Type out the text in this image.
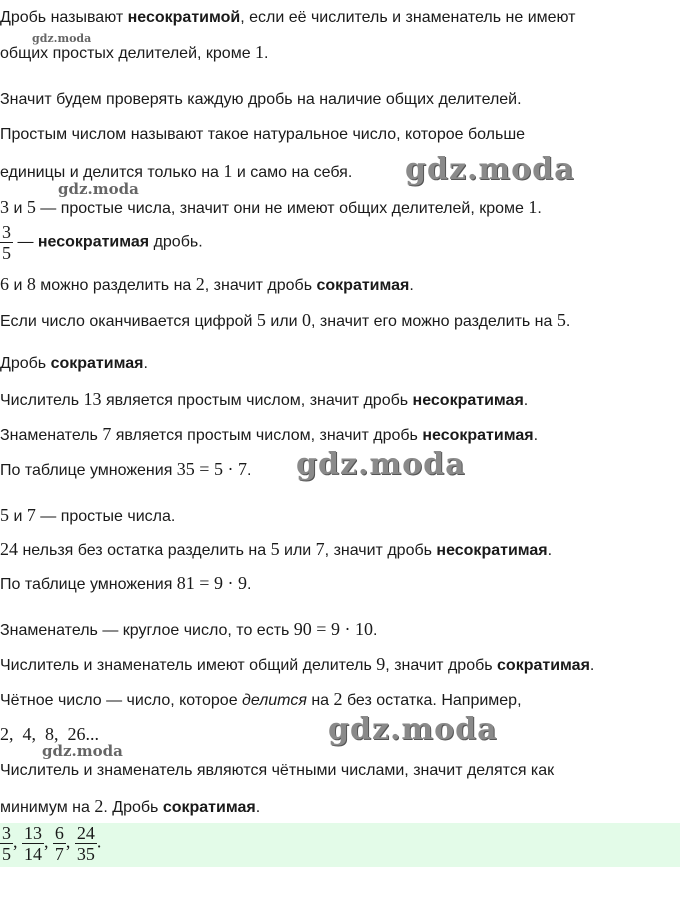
gdz.moda
gdz.moda
gdz.moda
gdz.moda
gdz.moda
gdz.moda
Дробь называют несократимой, если её числитель и знаменатель не имеют
общих простых делителей, кроме 1.
Значит будем проверять каждую дробь на наличие общих делителей.
Простым числом называют такое натуральное число, которое больше
единицы и делится только на 1 и само на себя.
3 и 5 — простые числа, значит они не имеют общих делителей, кроме 1.
$\frac{3}{5}$ — несократимая дробь.
6 и 8 можно разделить на 2, значит дробь сократимая.
Если число оканчивается цифрой 5 или 0, значит его можно разделить на 5.
Дробь сократимая.
Числитель 13 является простым числом, значит дробь несократимая.
Знаменатель 7 является простым числом, значит дробь несократимая.
По таблице умножения 35 = 5 · 7.
5 и 7 — простые числа.
24 нельзя без остатка разделить на 5 или 7, значит дробь несократимая.
По таблице умножения 81 = 9 · 9.
Знаменатель — круглое число, то есть 90 = 9 · 10.
Числитель и знаменатель имеют общий делитель 9, значит дробь сократимая.
Чётное число — число, которое делится на 2 без остатка. Например,
2,  4,  8,  26...
Числитель и знаменатель являются чётными числами, значит делятся как
минимум на 2. Дробь сократимая.
$\frac{3}{5}$ , $\frac{13}{14}$ , $\frac{6}{7}$ , $\frac{24}{35}$ .
